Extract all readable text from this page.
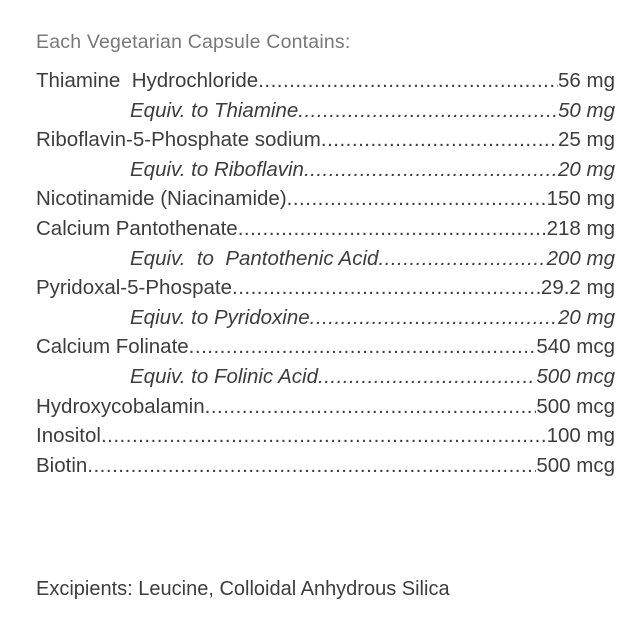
Each Vegetarian Capsule Contains:
Thiamine  Hydrochloride .....	56 mg
Equiv. to Thiamine .....	50 mg
Riboflavin-5-Phosphate sodium .....	25 mg
Equiv. to Riboflavin .....	20 mg
Nicotinamide (Niacinamide) .....	150 mg
Calcium Pantothenate .....	218 mg
Equiv.  to  Pantothenic Acid .....	200 mg
Pyridoxal-5-Phospate .....	29.2 mg
Eqiuv. to Pyridoxine .....	20 mg
Calcium Folinate .....	540 mcg
Equiv. to Folinic Acid .....	500 mcg
Hydroxycobalamin .....	500 mcg
Inositol .....	100 mg
Biotin .....	500 mcg
Excipients: Leucine, Colloidal Anhydrous Silica
